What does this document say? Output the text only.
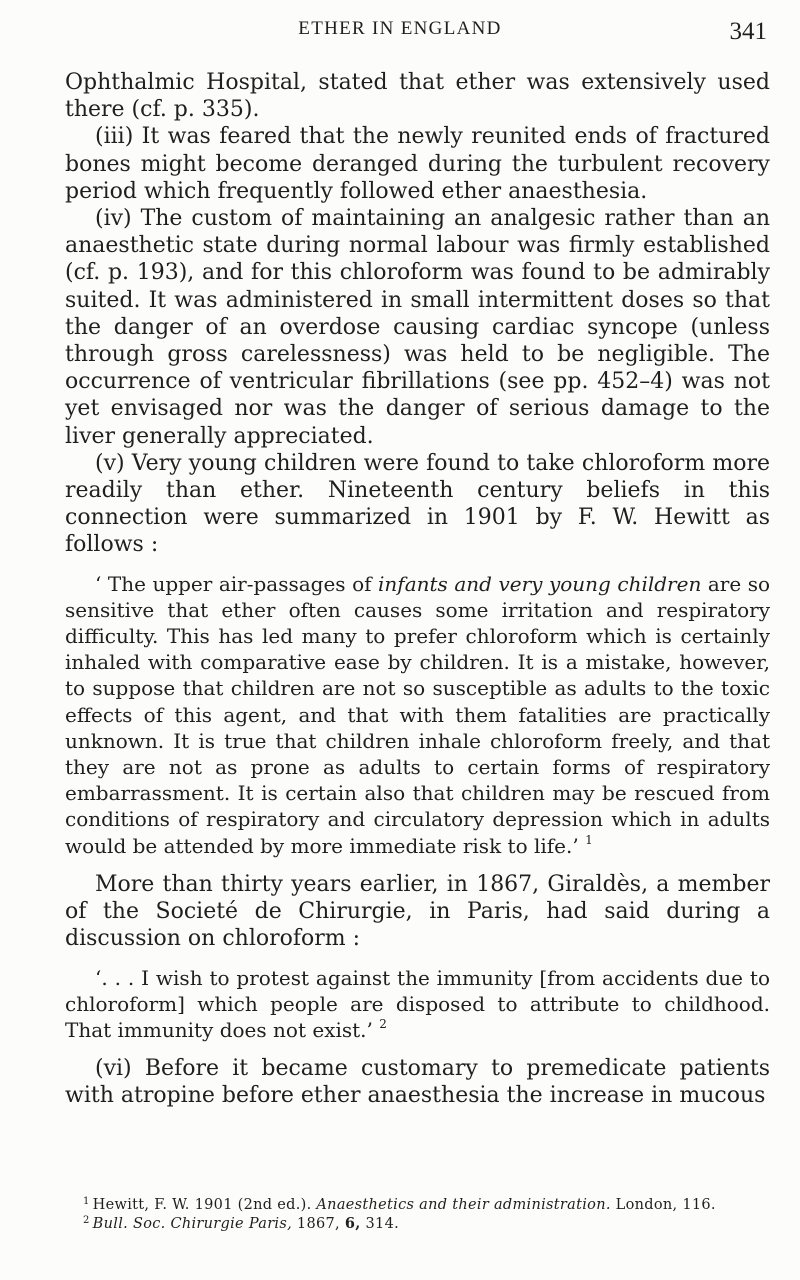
ETHER IN ENGLAND	341

Ophthalmic Hospital, stated that ether was extensively used there (cf. p. 335).

(iii) It was feared that the newly reunited ends of fractured bones might become deranged during the turbulent recovery period which frequently followed ether anaesthesia.

(iv) The custom of maintaining an analgesic rather than an anaesthetic state during normal labour was firmly established (cf. p. 193), and for this chloroform was found to be admirably suited. It was administered in small intermittent doses so that the danger of an overdose causing cardiac syncope (unless through gross carelessness) was held to be negligible. The occurrence of ventricular fibrillations (see pp. 452–4) was not yet envisaged nor was the danger of serious damage to the liver generally appreciated.

(v) Very young children were found to take chloroform more readily than ether. Nineteenth century beliefs in this connection were summarized in 1901 by F. W. Hewitt as follows :

‘ The upper air-passages of infants and very young children are so sensitive that ether often causes some irritation and respiratory difficulty. This has led many to prefer chloroform which is certainly inhaled with comparative ease by children. It is a mistake, however, to suppose that children are not so susceptible as adults to the toxic effects of this agent, and that with them fatalities are practically unknown. It is true that children inhale chloroform freely, and that they are not as prone as adults to certain forms of respiratory embarrassment. It is certain also that children may be rescued from conditions of respiratory and circulatory depression which in adults would be attended by more immediate risk to life.’ $^1$

More than thirty years earlier, in 1867, Giraldès, a member of the Societé de Chirurgie, in Paris, had said during a discussion on chloroform :

‘. . . I wish to protest against the immunity [from accidents due to chloroform] which people are disposed to attribute to childhood. That immunity does not exist.’ $^2$

(vi) Before it became customary to premedicate patients with atropine before ether anaesthesia the increase in mucous

$^1$ Hewitt, F. W. 1901 (2nd ed.). Anaesthetics and their administration. London, 116.

$^2$ Bull. Soc. Chirurgie Paris, 1867, 6, 314.
